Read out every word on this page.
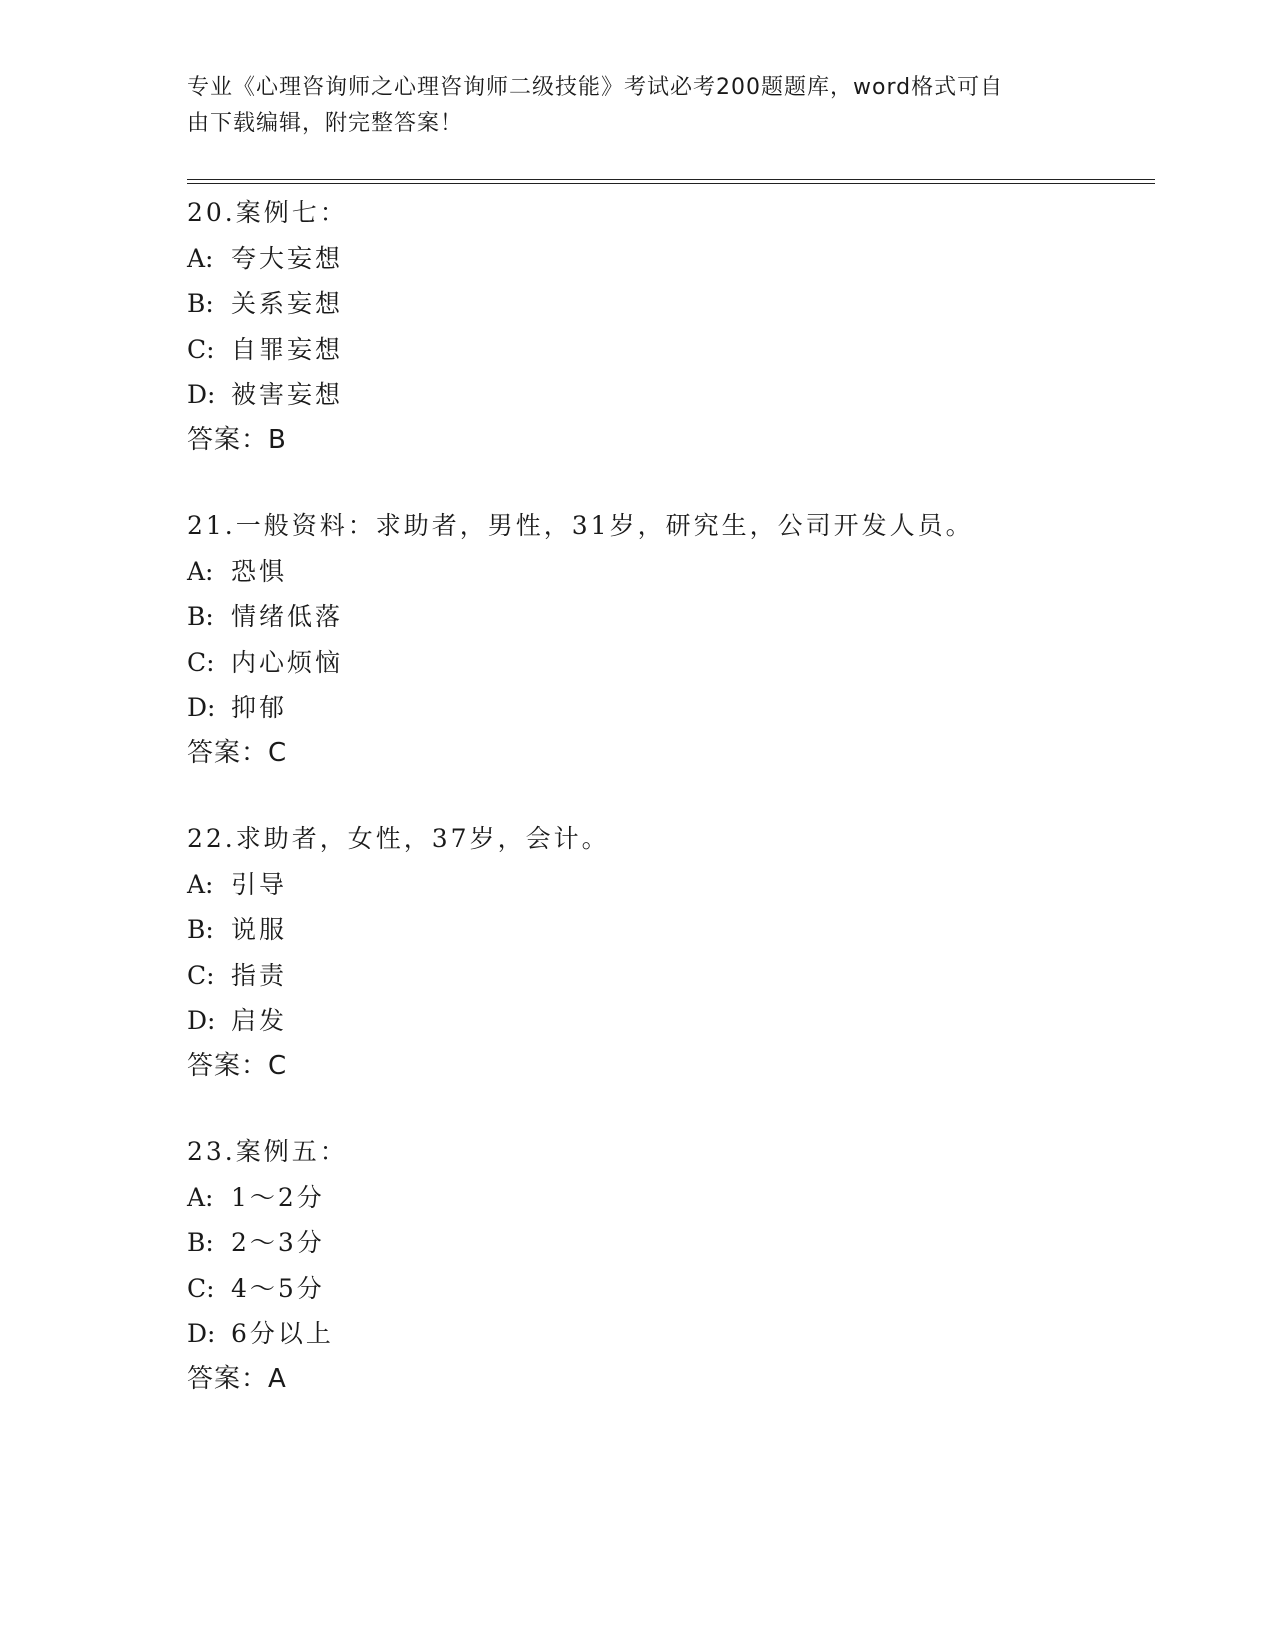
专业《心理咨询师之心理咨询师二级技能》考试必考200题题库，word格式可自
由下载编辑，附完整答案！
20.案例七：
A: 夸大妄想
B: 关系妄想
C: 自罪妄想
D: 被害妄想
答案：B
21.一般资料：求助者，男性，31岁，研究生，公司开发人员。
A: 恐惧
B: 情绪低落
C: 内心烦恼
D: 抑郁
答案：C
22.求助者，女性，37岁，会计。
A: 引导
B: 说服
C: 指责
D: 启发
答案：C
23.案例五：
A: 1～2分
B: 2～3分
C: 4～5分
D: 6分以上
答案：A
